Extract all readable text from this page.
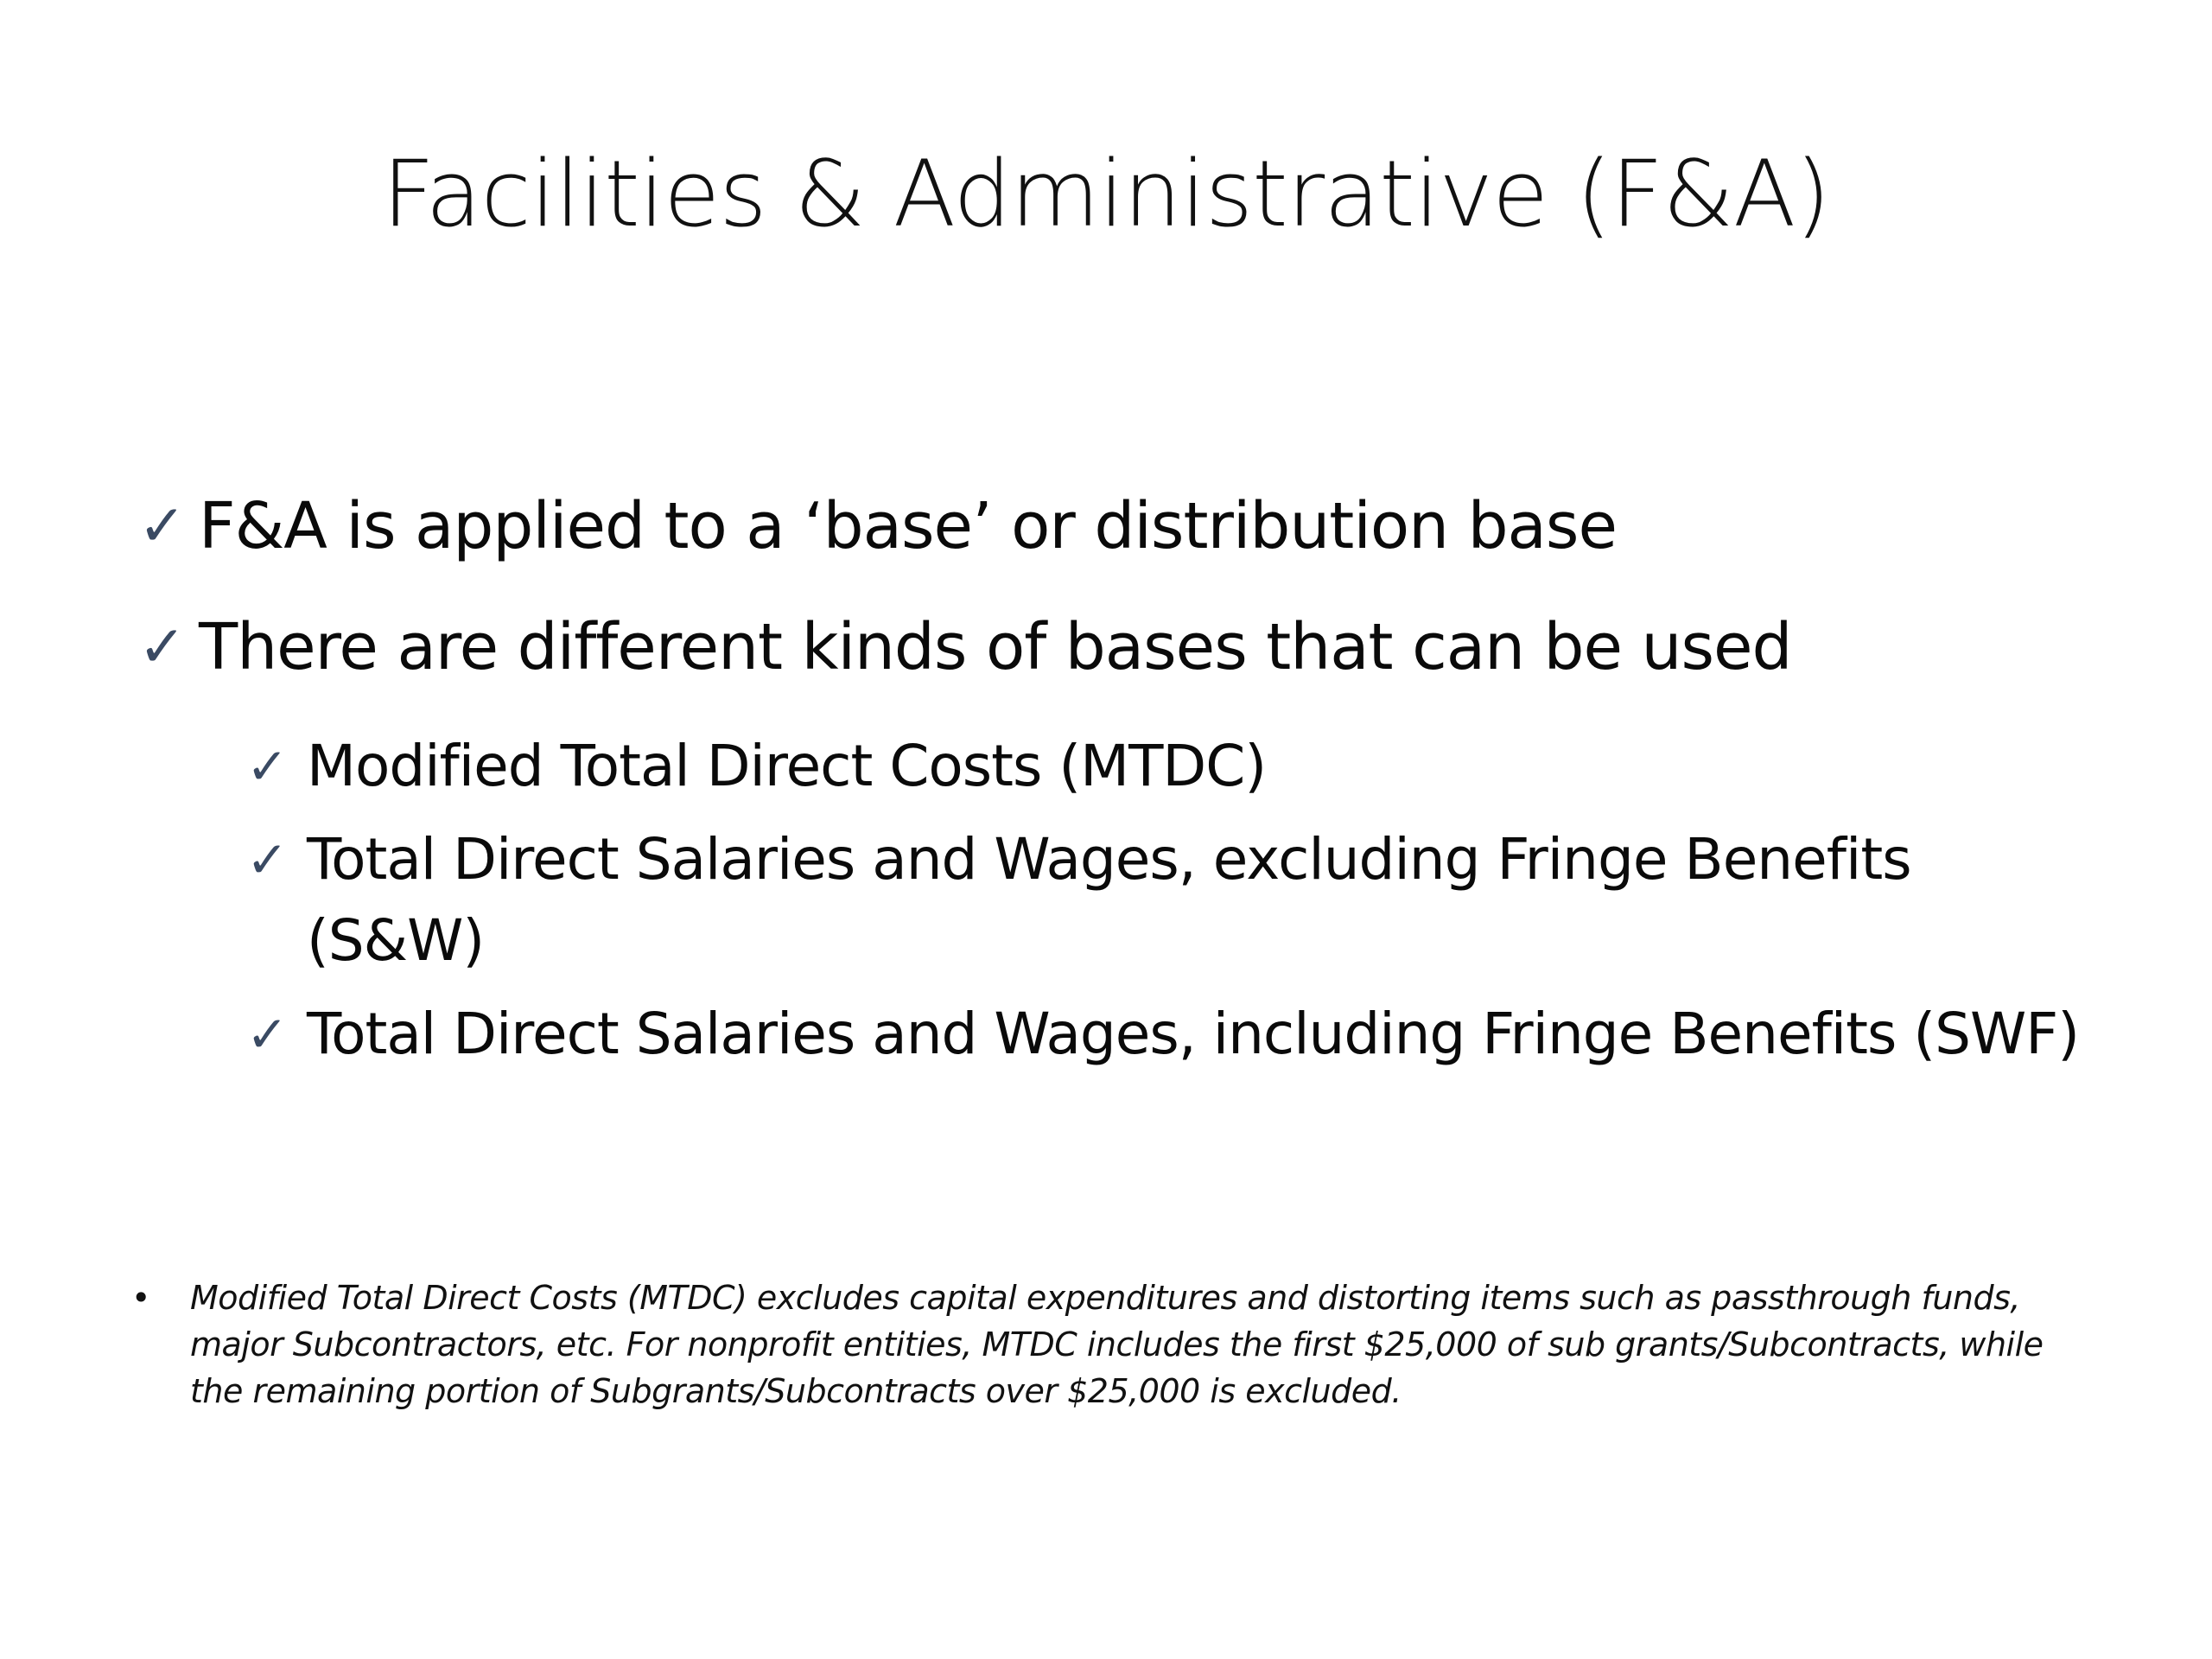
Facilities & Administrative (F&A)
✓ F&A is applied to a ‘base’ or distribution base
✓ There are different kinds of bases that can be used
✓ Modified Total Direct Costs (MTDC)
✓ Total Direct Salaries and Wages, excluding Fringe Benefits (S&W)
✓ Total Direct Salaries and Wages, including Fringe Benefits (SWF)
• Modified Total Direct Costs (MTDC) excludes capital expenditures and distorting items such as passthrough funds, major Subcontractors, etc. For nonprofit entities, MTDC includes the first $25,000 of sub grants/Subcontracts, while the remaining portion of Subgrants/Subcontracts over $25,000 is excluded.
